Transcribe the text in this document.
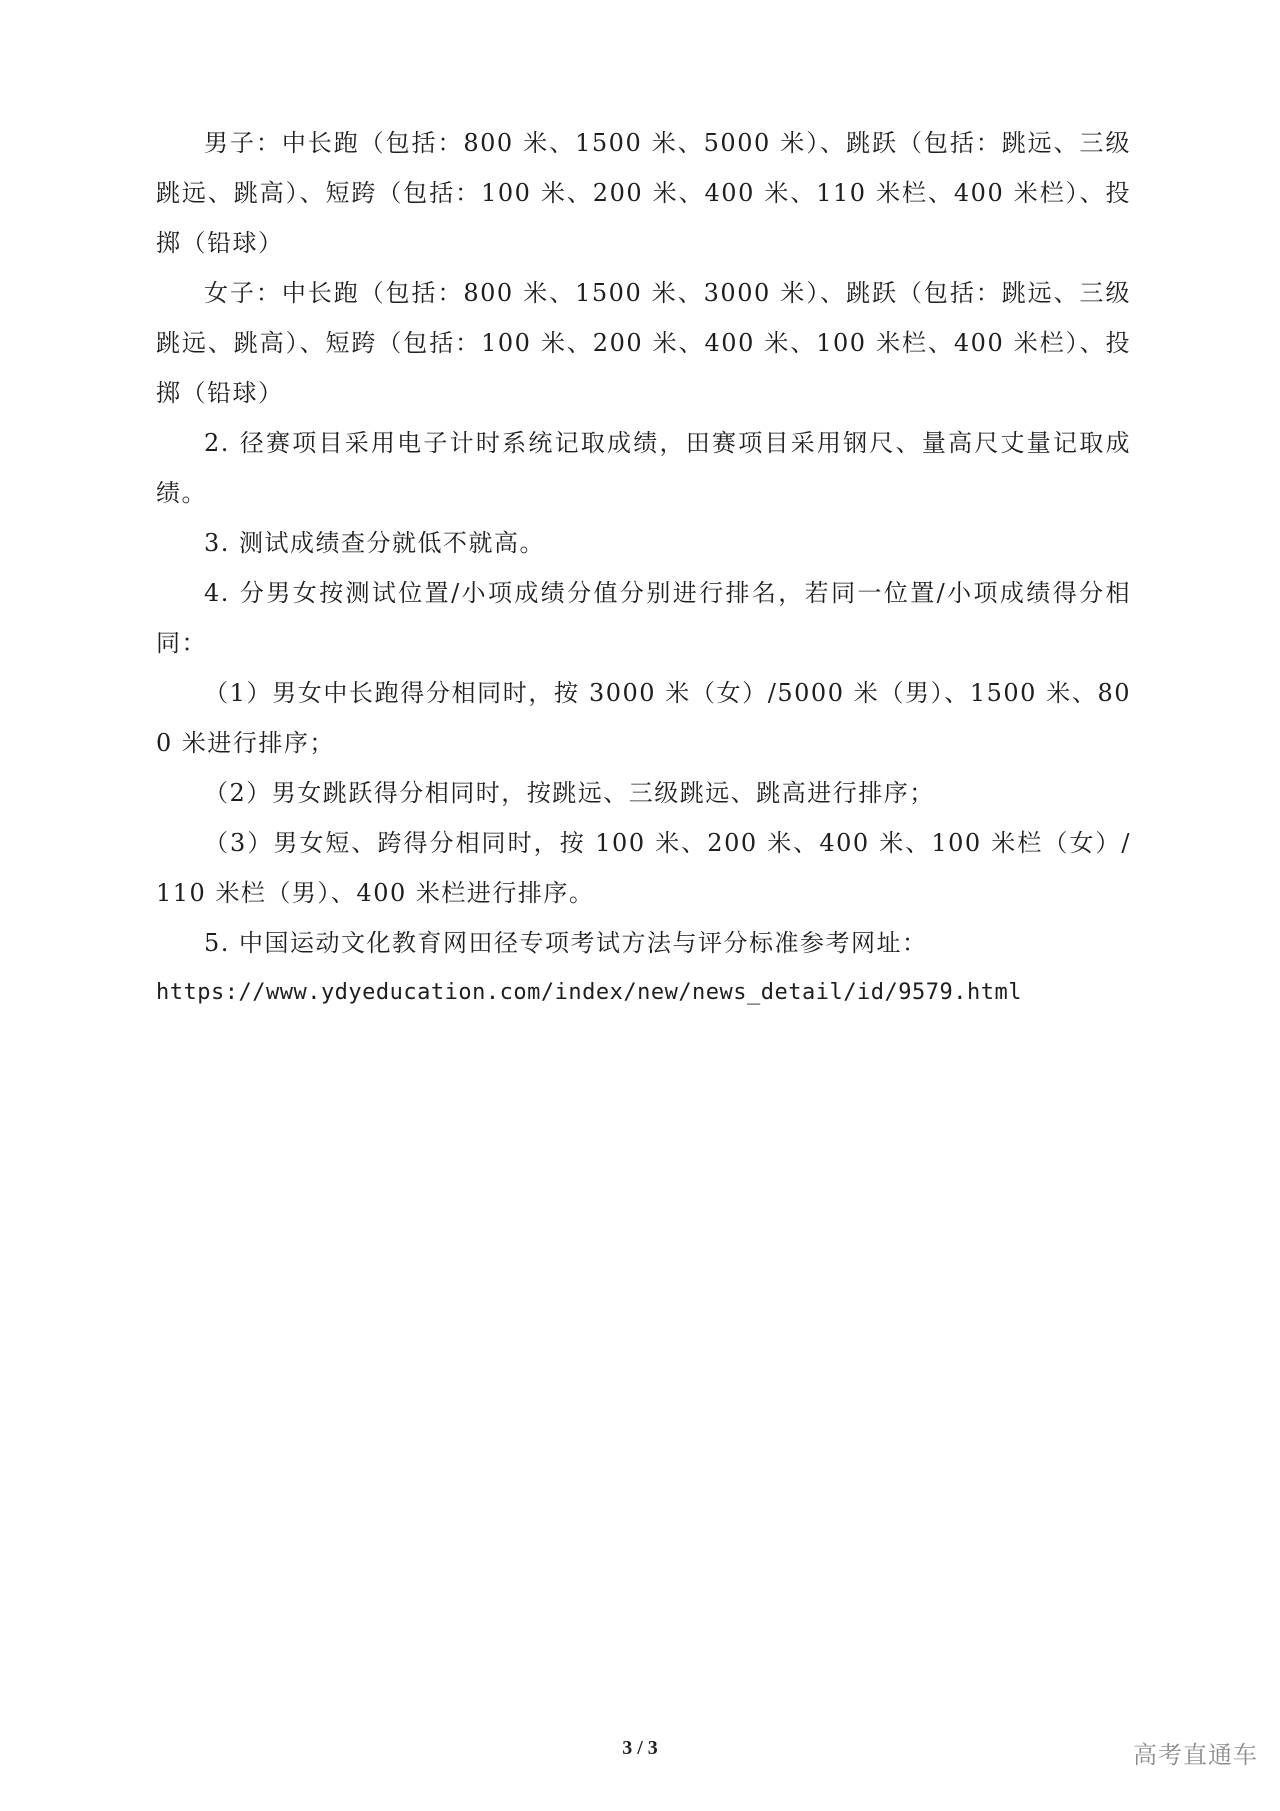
男子：中长跑（包括：800 米、1500 米、5000 米）、跳跃（包括：跳远、三级跳远、跳高）、短跨（包括：100 米、200 米、400 米、110 米栏、400 米栏）、投掷（铅球）

女子：中长跑（包括：800 米、1500 米、3000 米）、跳跃（包括：跳远、三级跳远、跳高）、短跨（包括：100 米、200 米、400 米、100 米栏、400 米栏）、投掷（铅球）

2. 径赛项目采用电子计时系统记取成绩，田赛项目采用钢尺、量高尺丈量记取成绩。

3. 测试成绩查分就低不就高。

4. 分男女按测试位置/小项成绩分值分别进行排名，若同一位置/小项成绩得分相同：

（1）男女中长跑得分相同时，按 3000 米（女）/5000 米（男）、1500 米、800 米进行排序；

（2）男女跳跃得分相同时，按跳远、三级跳远、跳高进行排序；

（3）男女短、跨得分相同时，按 100 米、200 米、400 米、100 米栏（女）/110 米栏（男）、400 米栏进行排序。

5. 中国运动文化教育网田径专项考试方法与评分标准参考网址：

https://www.ydyeducation.com/index/new/news_detail/id/9579.html

3 / 3	高考直通车
